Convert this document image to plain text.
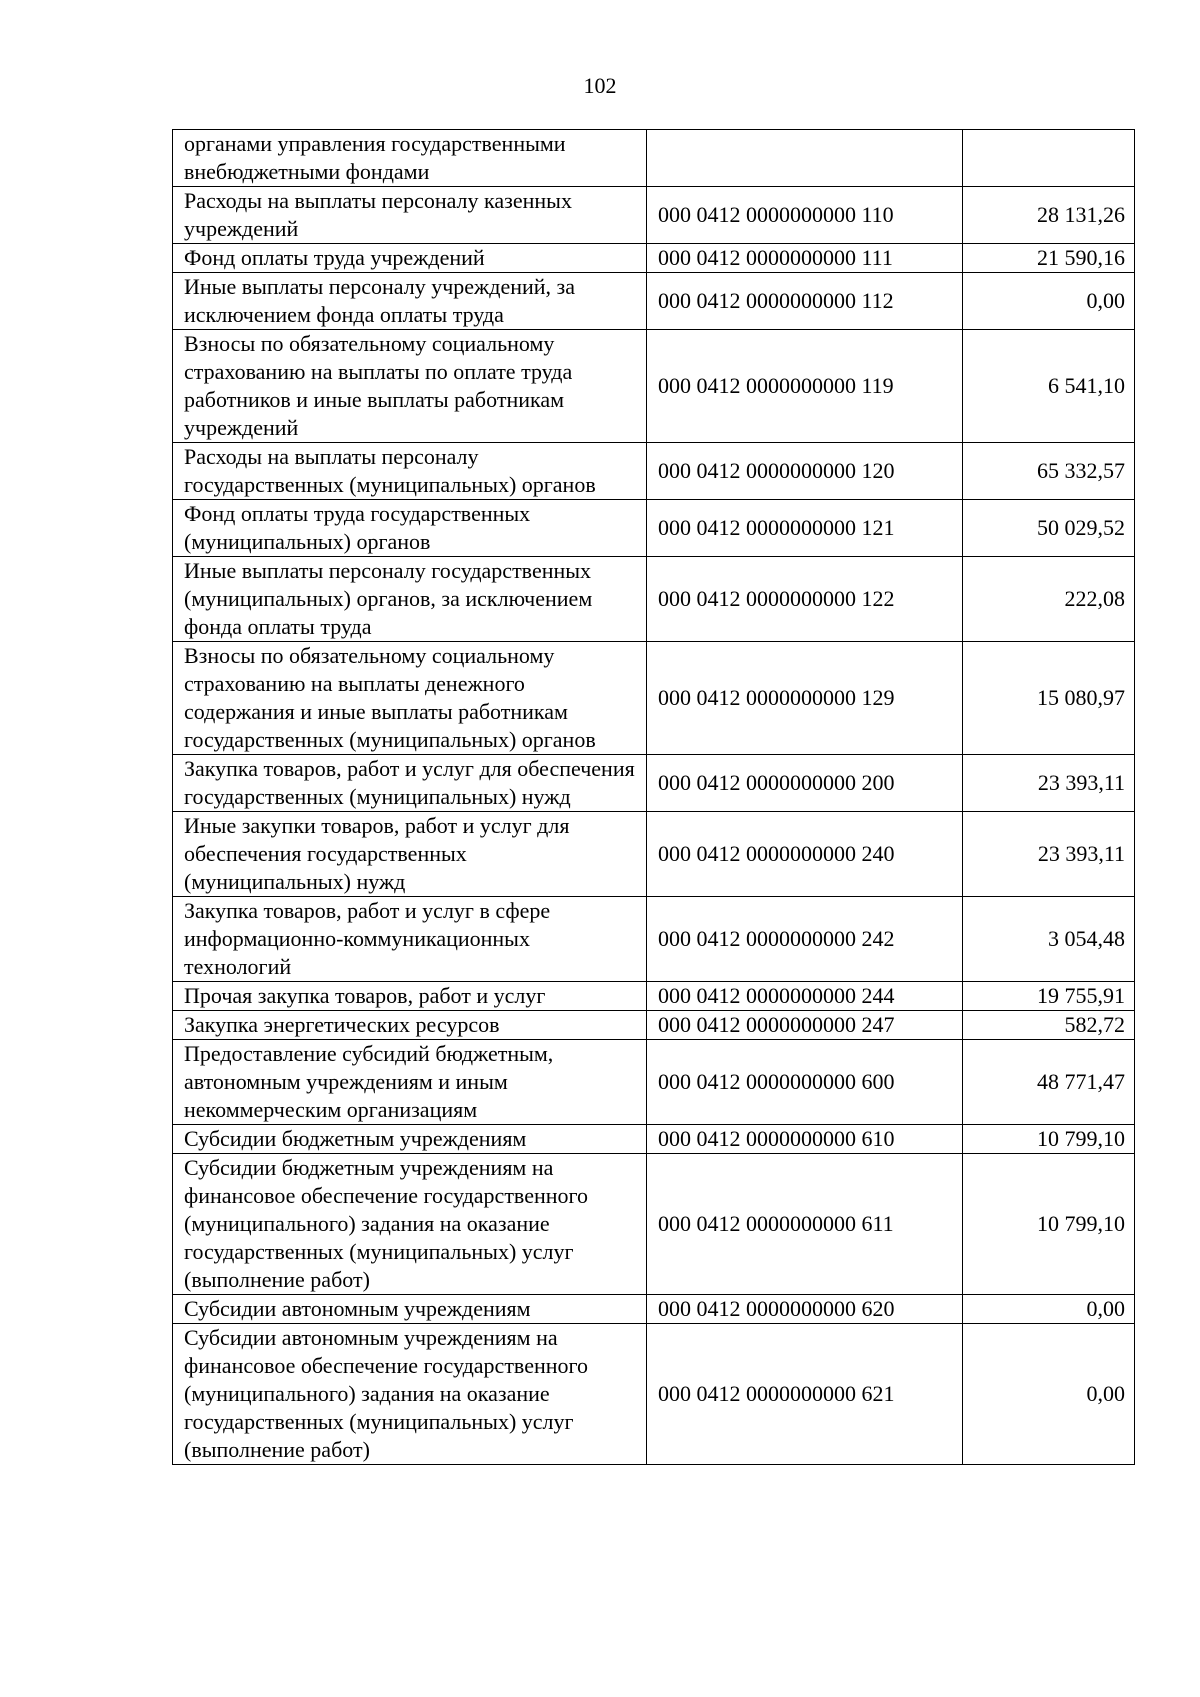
102
органами управления государственными внебюджетными фондами		
Расходы на выплаты персоналу казенных учреждений	000 0412 0000000000 110	28 131,26
Фонд оплаты труда учреждений	000 0412 0000000000 111	21 590,16
Иные выплаты персоналу учреждений, за исключением фонда оплаты труда	000 0412 0000000000 112	0,00
Взносы по обязательному социальному страхованию на выплаты по оплате труда работников и иные выплаты работникам учреждений	000 0412 0000000000 119	6 541,10
Расходы на выплаты персоналу государственных (муниципальных) органов	000 0412 0000000000 120	65 332,57
Фонд оплаты труда государственных (муниципальных) органов	000 0412 0000000000 121	50 029,52
Иные выплаты персоналу государственных (муниципальных) органов, за исключением фонда оплаты труда	000 0412 0000000000 122	222,08
Взносы по обязательному социальному страхованию на выплаты денежного содержания и иные выплаты работникам государственных (муниципальных) органов	000 0412 0000000000 129	15 080,97
Закупка товаров, работ и услуг для обеспечения государственных (муниципальных) нужд	000 0412 0000000000 200	23 393,11
Иные закупки товаров, работ и услуг для обеспечения государственных (муниципальных) нужд	000 0412 0000000000 240	23 393,11
Закупка товаров, работ и услуг в сфере информационно-коммуникационных технологий	000 0412 0000000000 242	3 054,48
Прочая закупка товаров, работ и услуг	000 0412 0000000000 244	19 755,91
Закупка энергетических ресурсов	000 0412 0000000000 247	582,72
Предоставление субсидий бюджетным, автономным учреждениям и иным некоммерческим организациям	000 0412 0000000000 600	48 771,47
Субсидии бюджетным учреждениям	000 0412 0000000000 610	10 799,10
Субсидии бюджетным учреждениям на финансовое обеспечение государственного (муниципального) задания на оказание государственных (муниципальных) услуг (выполнение работ)	000 0412 0000000000 611	10 799,10
Субсидии автономным учреждениям	000 0412 0000000000 620	0,00
Субсидии автономным учреждениям на финансовое обеспечение государственного (муниципального) задания на оказание государственных (муниципальных) услуг (выполнение работ)	000 0412 0000000000 621	0,00
